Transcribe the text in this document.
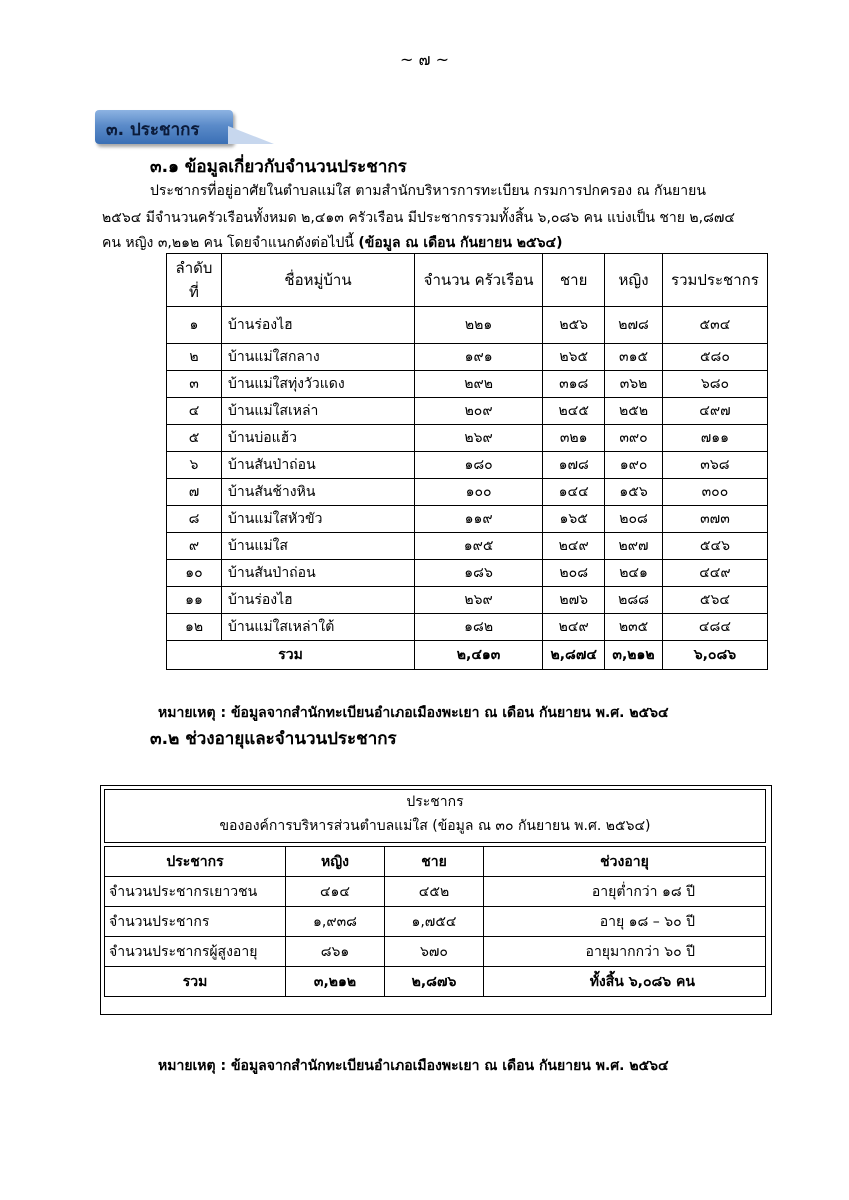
~ ๗ ~
๓. ประชากร
๓.๑ ข้อมูลเกี่ยวกับจำนวนประชากร
ประชากรที่อยู่อาศัยในตำบลแม่ใส ตามสำนักบริหารการทะเบียน กรมการปกครอง ณ กันยายน
๒๕๖๔ มีจำนวนครัวเรือนทั้งหมด ๒,๔๑๓ ครัวเรือน มีประชากรรวมทั้งสิ้น ๖,๐๘๖ คน แบ่งเป็น ชาย ๒,๘๗๔
คน หญิง ๓,๒๑๒ คน โดยจำแนกดังต่อไปนี้ (ข้อมูล ณ เดือน กันยายน ๒๕๖๔)
ลำดับ ที่	ชื่อหมู่บ้าน	จำนวน ครัวเรือน	ชาย	หญิง	รวมประชากร
๑	บ้านร่องไฮ	๒๒๑	๒๕๖	๒๗๘	๕๓๔
๒	บ้านแม่ใสกลาง	๑๙๑	๒๖๕	๓๑๕	๕๘๐
๓	บ้านแม่ใสทุ่งวัวแดง	๒๙๒	๓๑๘	๓๖๒	๖๘๐
๔	บ้านแม่ใสเหล่า	๒๐๙	๒๔๕	๒๕๒	๔๙๗
๕	บ้านบ่อแฮ้ว	๒๖๙	๓๒๑	๓๙๐	๗๑๑
๖	บ้านสันป่าถ่อน	๑๘๐	๑๗๘	๑๙๐	๓๖๘
๗	บ้านสันช้างหิน	๑๐๐	๑๔๔	๑๕๖	๓๐๐
๘	บ้านแม่ใสหัวขัว	๑๑๙	๑๖๕	๒๐๘	๓๗๓
๙	บ้านแม่ใส	๑๙๕	๒๔๙	๒๙๗	๕๔๖
๑๐	บ้านสันป่าถ่อน	๑๘๖	๒๐๘	๒๔๑	๔๔๙
๑๑	บ้านร่องไฮ	๒๖๙	๒๗๖	๒๘๘	๕๖๔
๑๒	บ้านแม่ใสเหล่าใต้	๑๘๒	๒๔๙	๒๓๕	๔๘๔
รวม		๒,๔๑๓	๒,๘๗๔	๓,๒๑๒	๖,๐๘๖
หมายเหตุ : ข้อมูลจากสำนักทะเบียนอำเภอเมืองพะเยา ณ เดือน กันยายน พ.ศ. ๒๕๖๔
๓.๒ ช่วงอายุและจำนวนประชากร
ประชากร
ขององค์การบริหารส่วนตำบลแม่ใส (ข้อมูล ณ ๓๐ กันยายน พ.ศ. ๒๕๖๔)
ประชากร	หญิง	ชาย	ช่วงอายุ
จำนวนประชากรเยาวชน	๔๑๔	๔๕๒	อายุต่ำกว่า ๑๘ ปี
จำนวนประชากร	๑,๙๓๘	๑,๗๕๔	อายุ ๑๘ – ๖๐ ปี
จำนวนประชากรผู้สูงอายุ	๘๖๑	๖๗๐	อายุมากกว่า ๖๐ ปี
รวม	๓,๒๑๒	๒,๘๗๖	ทั้งสิ้น ๖,๐๘๖ คน
หมายเหตุ : ข้อมูลจากสำนักทะเบียนอำเภอเมืองพะเยา ณ เดือน กันยายน พ.ศ. ๒๕๖๔
